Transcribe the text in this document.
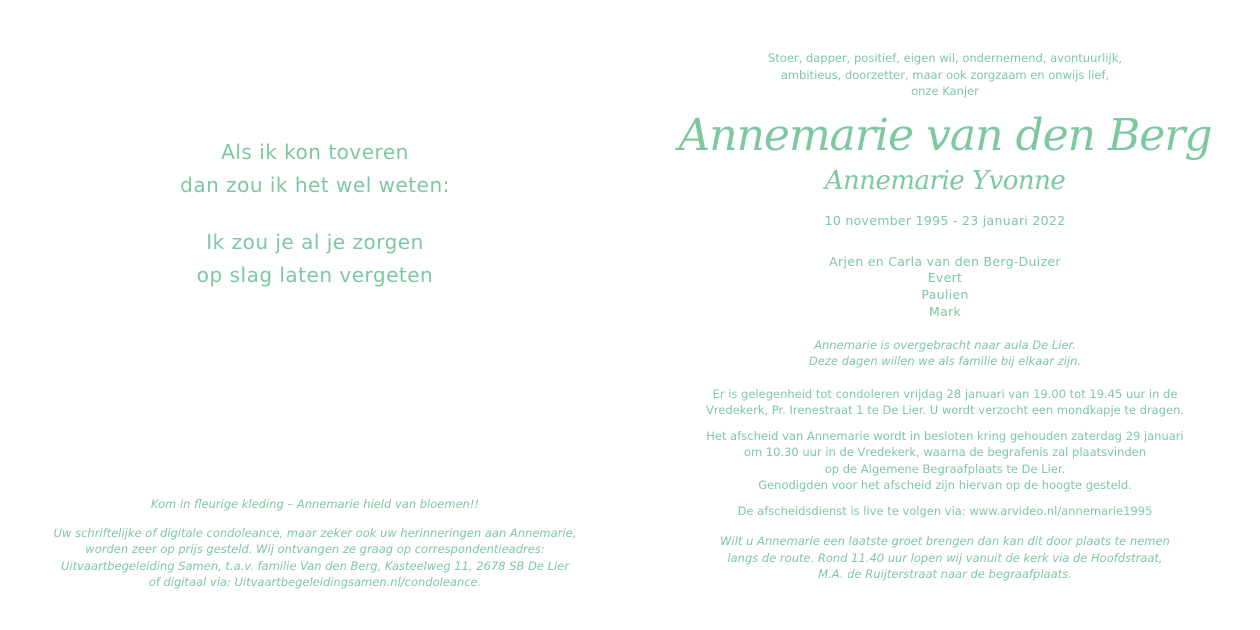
Als ik kon toveren
dan zou ik het wel weten:
Ik zou je al je zorgen
op slag laten vergeten
Kom in fleurige kleding – Annemarie hield van bloemen!!
Uw schriftelijke of digitale condoleance, maar zeker ook uw herinneringen aan Annemarie,
worden zeer op prijs gesteld. Wij ontvangen ze graag op correspondentieadres:
Uitvaartbegeleiding Samen, t.a.v. familie Van den Berg, Kasteelweg 11, 2678 SB De Lier
of digitaal via: Uitvaartbegeleidingsamen.nl/condoleance.
Stoer, dapper, positief, eigen wil, ondernemend, avontuurlijk,
ambitieus, doorzetter, maar ook zorgzaam en onwijs lief,
onze Kanjer
Annemarie van den Berg
Annemarie Yvonne
10 november 1995 - 23 januari 2022
Arjen en Carla van den Berg-Duizer
Evert
Paulien
Mark
Annemarie is overgebracht naar aula De Lier.
Deze dagen willen we als familie bij elkaar zijn.
Er is gelegenheid tot condoleren vrijdag 28 januari van 19.00 tot 19.45 uur in de
Vredekerk, Pr. Irenestraat 1 te De Lier. U wordt verzocht een mondkapje te dragen.
Het afscheid van Annemarie wordt in besloten kring gehouden zaterdag 29 januari
om 10.30 uur in de Vredekerk, waarna de begrafenis zal plaatsvinden
op de Algemene Begraafplaats te De Lier.
Genodigden voor het afscheid zijn hiervan op de hoogte gesteld.
De afscheidsdienst is live te volgen via: www.arvideo.nl/annemarie1995
Wilt u Annemarie een laatste groet brengen dan kan dit door plaats te nemen
langs de route. Rond 11.40 uur lopen wij vanuit de kerk via de Hoofdstraat,
M.A. de Ruijterstraat naar de begraafplaats.
